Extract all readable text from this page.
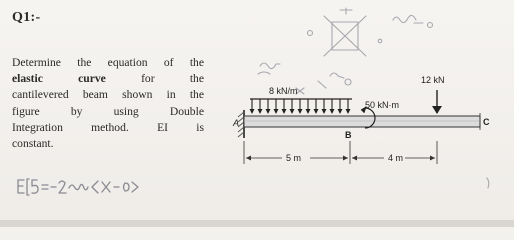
Q1:-
Determine the equation of the
elastic	curve	for	the
cantilevered beam shown in the
figure	by	using	Double
Integration method. EI is
constant.
A
8 kN/m
50 kN·m
B
12 kN
C
5 m	4 m
